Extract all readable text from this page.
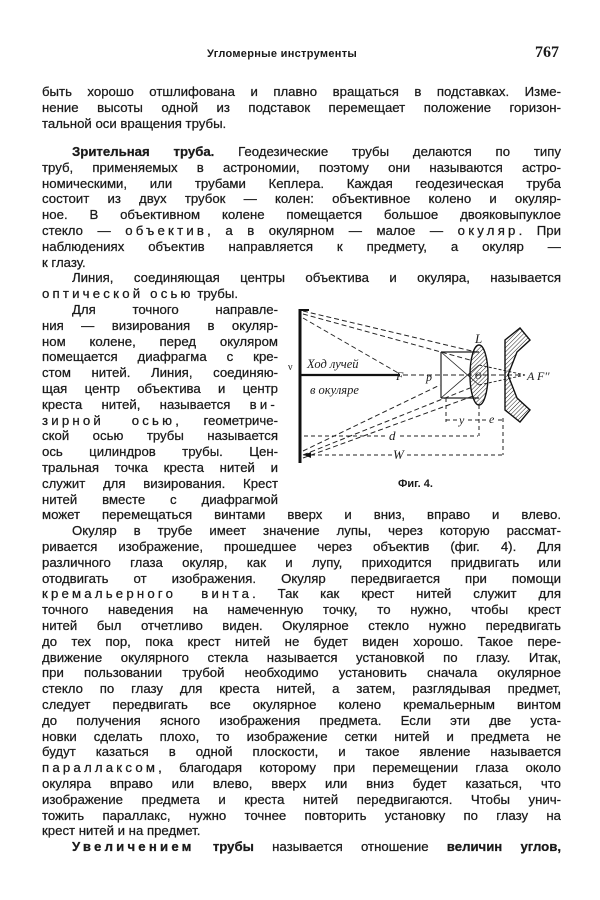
Угломерные инструменты	767
быть хорошо отшлифована и плавно вращаться в подставках. Изме-
нение высоты одной из подставок перемещает положение горизон-
тальной оси вращения трубы.
Зрительная труба. Геодезические трубы делаются по типу
труб, применяемых в астрономии, поэтому они называются астро-
номическими, или трубами Кеплера. Каждая геодезическая труба
состоит из двух трубок — колен: объективное колено и окуляр-
ное. В объективном колене помещается большое двояковыпуклое
стекло — объектив, а в окулярном — малое — окуляр. При
наблюдениях объектив направляется к предмету, а окуляр —
к глазу.
Линия, соединяющая центры объектива и окуляра, называется
оптической осью трубы.
Для точного направле-
ния — визирования в окуляр-
ном колене, перед окуляром
помещается диафрагма с кре-
стом нитей. Линия, соединяю-
щая центр объектива и центр
креста нитей, называется ви-
зирной осью, геометриче-
ской осью трубы называется
ось цилиндров трубы. Цен-
тральная точка креста нитей и
служит для визирования. Крест
нитей вместе с диафрагмой
может перемещаться винтами вверх и вниз, вправо и влево.
Окуляр в трубе имеет значение лупы, через которую рассмат-
ривается изображение, прошедшее через объектив (фиг. 4). Для
различного глаза окуляр, как и лупу, приходится придвигать или
отодвигать от изображения. Окуляр передвигается при помощи
кремальерного винта. Так как крест нитей служит для
точного наведения на намеченную точку, то нужно, чтобы крест
нитей был отчетливо виден. Окулярное стекло нужно передвигать
до тех пор, пока крест нитей не будет виден хорошо. Такое пере-
движение окулярного стекла называется установкой по глазу. Итак,
при пользовании трубой необходимо установить сначала окулярное
стекло по глазу для креста нитей, а затем, разглядывая предмет,
следует передвигать все окулярное колено кремальерным винтом
до получения ясного изображения предмета. Если эти две уста-
новки сделать плохо, то изображение сетки нитей и предмета не
будут казаться в одной плоскости, и такое явление называется
параллаксом, благодаря которому при перемещении глаза около
окуляра вправо или влево, вверх или вниз будет казаться, что
изображение предмета и креста нитей передвигаются. Чтобы унич-
тожить параллакс, нужно точнее повторить установку по глазу на
крест нитей и на предмет.
Увеличением трубы называется отношение величин углов,
ν Ход лучей
в окуляре
F p
L
O	A F''
y e
d
W
Фиг. 4.
